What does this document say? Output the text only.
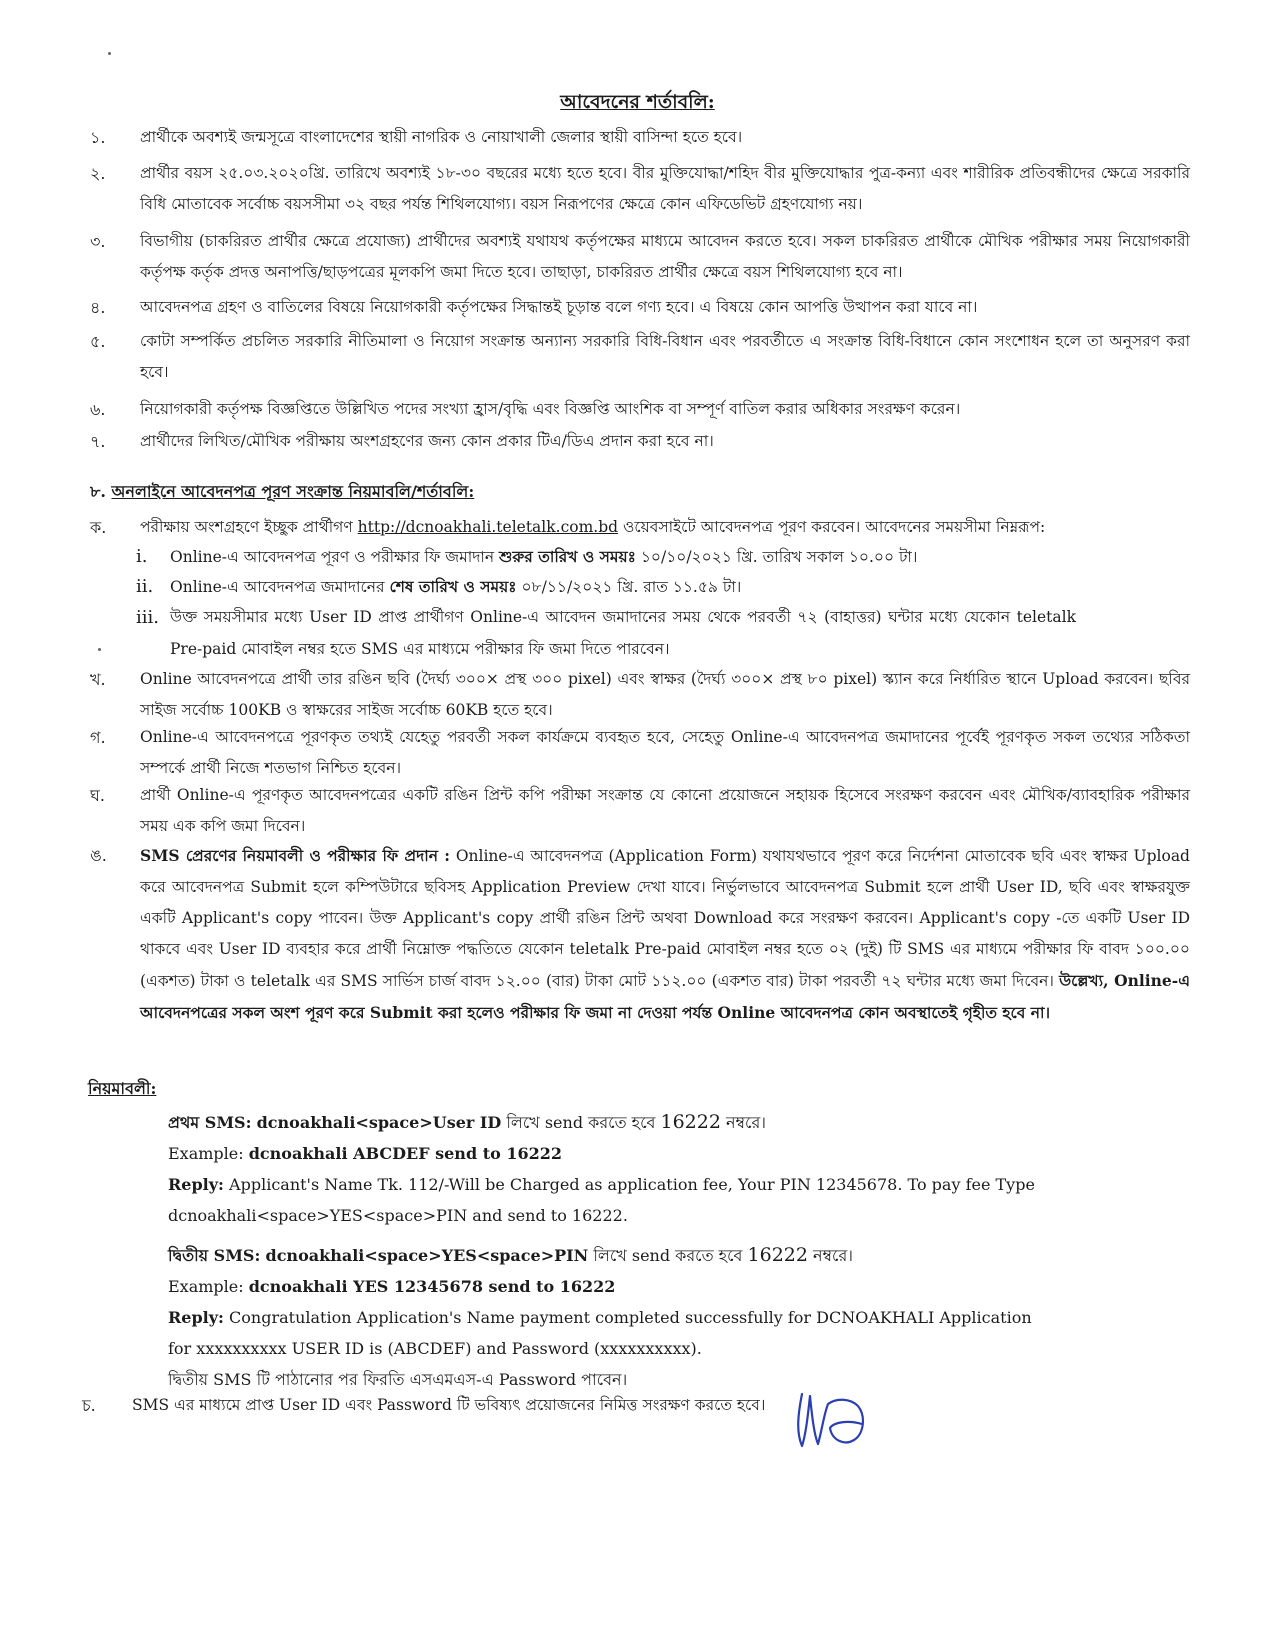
আবেদনের শর্তাবলি:
১.	প্রার্থীকে অবশ্যই জন্মসূত্রে বাংলাদেশের স্থায়ী নাগরিক ও নোয়াখালী জেলার স্থায়ী বাসিন্দা হতে হবে।
২.	প্রার্থীর বয়স ২৫.০৩.২০২০খ্রি. তারিখে অবশ্যই ১৮-৩০ বছরের মধ্যে হতে হবে। বীর মুক্তিযোদ্ধা/শহিদ বীর মুক্তিযোদ্ধার পুত্র-কন্যা এবং শারীরিক প্রতিবন্ধীদের ক্ষেত্রে সরকারি বিধি মোতাবেক সর্বোচ্চ বয়সসীমা ৩২ বছর পর্যন্ত শিথিলযোগ্য। বয়স নিরূপণের ক্ষেত্রে কোন এফিডেভিট গ্রহণযোগ্য নয়।
৩.	বিভাগীয় (চাকরিরত প্রার্থীর ক্ষেত্রে প্রযোজ্য) প্রার্থীদের অবশ্যই যথাযথ কর্তৃপক্ষের মাধ্যমে আবেদন করতে হবে। সকল চাকরিরত প্রার্থীকে মৌখিক পরীক্ষার সময় নিয়োগকারী কর্তৃপক্ষ কর্তৃক প্রদত্ত অনাপত্তি/ছাড়পত্রের মূলকপি জমা দিতে হবে। তাছাড়া, চাকরিরত প্রার্থীর ক্ষেত্রে বয়স শিথিলযোগ্য হবে না।
৪.	আবেদনপত্র গ্রহণ ও বাতিলের বিষয়ে নিয়োগকারী কর্তৃপক্ষের সিদ্ধান্তই চূড়ান্ত বলে গণ্য হবে। এ বিষয়ে কোন আপত্তি উত্থাপন করা যাবে না।
৫.	কোটা সম্পর্কিত প্রচলিত সরকারি নীতিমালা ও নিয়োগ সংক্রান্ত অন্যান্য সরকারি বিধি-বিধান এবং পরবর্তীতে এ সংক্রান্ত বিধি-বিধানে কোন সংশোধন হলে তা অনুসরণ করা হবে।
৬.	নিয়োগকারী কর্তৃপক্ষ বিজ্ঞপ্তিতে উল্লিখিত পদের সংখ্যা হ্রাস/বৃদ্ধি এবং বিজ্ঞপ্তি আংশিক বা সম্পূর্ণ বাতিল করার অধিকার সংরক্ষণ করেন।
৭.	প্রার্থীদের লিখিত/মৌখিক পরীক্ষায় অংশগ্রহণের জন্য কোন প্রকার টিএ/ডিএ প্রদান করা হবে না।
৮. অনলাইনে আবেদনপত্র পূরণ সংক্রান্ত নিয়মাবলি/শর্তাবলি:
ক.	পরীক্ষায় অংশগ্রহণে ইচ্ছুক প্রার্থীগণ http://dcnoakhali.teletalk.com.bd ওয়েবসাইটে আবেদনপত্র পূরণ করবেন। আবেদনের সময়সীমা নিম্নরূপ:
i.	Online-এ আবেদনপত্র পূরণ ও পরীক্ষার ফি জমাদান শুরুর তারিখ ও সময়ঃ ১০/১০/২০২১ খ্রি. তারিখ সকাল ১০.০০ টা।
ii.	Online-এ আবেদনপত্র জমাদানের শেষ তারিখ ও সময়ঃ ০৮/১১/২০২১ খ্রি. রাত ১১.৫৯ টা।
iii. উক্ত সময়সীমার মধ্যে User ID প্রাপ্ত প্রার্থীগণ Online-এ আবেদন জমাদানের সময় থেকে পরবর্তী ৭২ (বাহাত্তর) ঘন্টার মধ্যে যেকোন teletalk Pre-paid মোবাইল নম্বর হতে SMS এর মাধ্যমে পরীক্ষার ফি জমা দিতে পারবেন।
খ.	Online আবেদনপত্রে প্রার্থী তার রঙিন ছবি (দৈর্ঘ্য ৩০০× প্রস্থ ৩০০ pixel) এবং স্বাক্ষর (দৈর্ঘ্য ৩০০× প্রস্থ ৮০ pixel) স্ক্যান করে নির্ধারিত স্থানে Upload করবেন। ছবির সাইজ সর্বোচ্চ 100KB ও স্বাক্ষরের সাইজ সর্বোচ্চ 60KB হতে হবে।
গ.	Online-এ আবেদনপত্রে পূরণকৃত তথ্যই যেহেতু পরবর্তী সকল কার্যক্রমে ব্যবহৃত হবে, সেহেতু Online-এ আবেদনপত্র জমাদানের পূর্বেই পূরণকৃত সকল তথ্যের সঠিকতা সম্পর্কে প্রার্থী নিজে শতভাগ নিশ্চিত হবেন।
ঘ.	প্রার্থী Online-এ পূরণকৃত আবেদনপত্রের একটি রঙিন প্রিন্ট কপি পরীক্ষা সংক্রান্ত যে কোনো প্রয়োজনে সহায়ক হিসেবে সংরক্ষণ করবেন এবং মৌখিক/ব্যাবহারিক পরীক্ষার সময় এক কপি জমা দিবেন।
ঙ.	SMS প্রেরণের নিয়মাবলী ও পরীক্ষার ফি প্রদান : Online-এ আবেদনপত্র (Application Form) যথাযথভাবে পূরণ করে নির্দেশনা মোতাবেক ছবি এবং স্বাক্ষর Upload করে আবেদনপত্র Submit হলে কম্পিউটারে ছবিসহ Application Preview দেখা যাবে। নির্ভুলভাবে আবেদনপত্র Submit হলে প্রার্থী User ID, ছবি এবং স্বাক্ষরযুক্ত একটি Applicant's copy পাবেন। উক্ত Applicant's copy প্রার্থী রঙিন প্রিন্ট অথবা Download করে সংরক্ষণ করবেন। Applicant's copy -তে একটি User ID থাকবে এবং User ID ব্যবহার করে প্রার্থী নিম্নোক্ত পদ্ধতিতে যেকোন teletalk Pre-paid মোবাইল নম্বর হতে ০২ (দুই) টি SMS এর মাধ্যমে পরীক্ষার ফি বাবদ ১০০.০০ (একশত) টাকা ও teletalk এর SMS সার্ভিস চার্জ বাবদ ১২.০০ (বার) টাকা মোট ১১২.০০ (একশত বার) টাকা পরবর্তী ৭২ ঘন্টার মধ্যে জমা দিবেন। উল্লেখ্য, Online-এ আবেদনপত্রের সকল অংশ পূরণ করে Submit করা হলেও পরীক্ষার ফি জমা না দেওয়া পর্যন্ত Online আবেদনপত্র কোন অবস্থাতেই গৃহীত হবে না।
নিয়মাবলী:
প্রথম SMS: dcnoakhali<space>User ID লিখে send করতে হবে 16222 নম্বরে।
Example: dcnoakhali ABCDEF send to 16222
Reply: Applicant's Name Tk. 112/-Will be Charged as application fee, Your PIN 12345678. To pay fee Type
dcnoakhali<space>YES<space>PIN and send to 16222.
দ্বিতীয় SMS: dcnoakhali<space>YES<space>PIN লিখে send করতে হবে 16222 নম্বরে।
Example: dcnoakhali YES 12345678 send to 16222
Reply: Congratulation Application's Name payment completed successfully for DCNOAKHALI Application
for xxxxxxxxxx USER ID is (ABCDEF) and Password (xxxxxxxxxx).
দ্বিতীয় SMS টি পাঠানোর পর ফিরতি এসএমএস-এ Password পাবেন।
চ.	SMS এর মাধ্যমে প্রাপ্ত User ID এবং Password টি ভবিষ্যৎ প্রয়োজনের নিমিত্ত সংরক্ষণ করতে হবে।
